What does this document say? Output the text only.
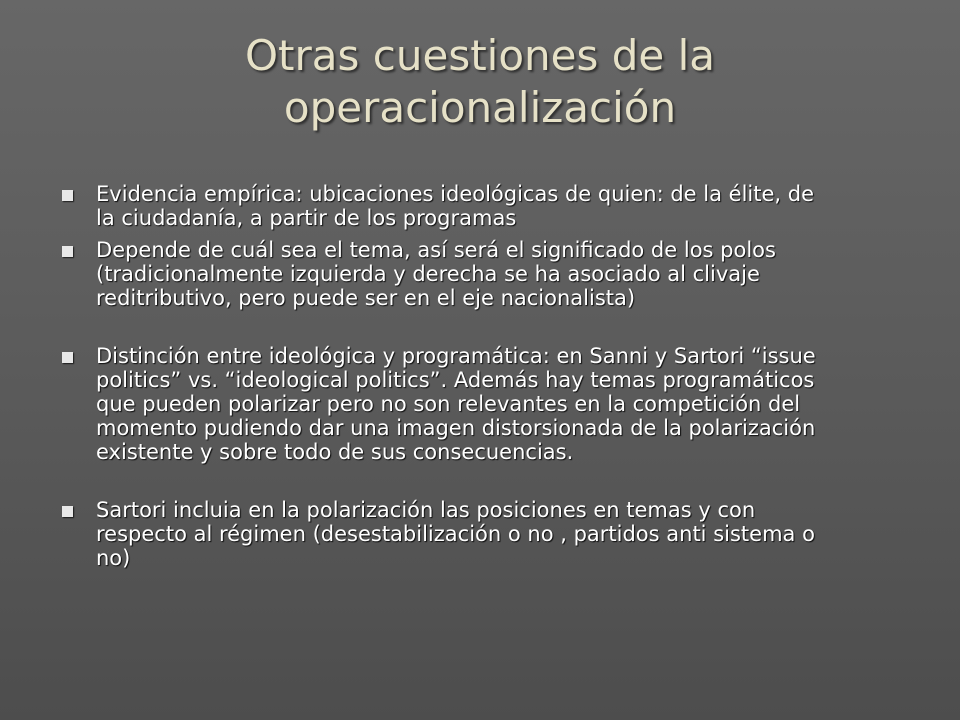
Otras cuestiones de la
operacionalización
Evidencia empírica: ubicaciones ideológicas de quien: de la élite, de
la ciudadanía, a partir de los programas
Depende de cuál sea el tema, así será el significado de los polos
(tradicionalmente izquierda y derecha se ha asociado al clivaje
reditributivo, pero puede ser en el eje nacionalista)
Distinción entre ideológica y programática: en Sanni y Sartori “issue
politics” vs. “ideological politics”. Además hay temas programáticos
que pueden polarizar pero no son relevantes en la competición del
momento pudiendo dar una imagen distorsionada de la polarización
existente y sobre todo de sus consecuencias.
Sartori incluia en la polarización las posiciones en temas y con
respecto al régimen (desestabilización o no , partidos anti sistema o
no)
